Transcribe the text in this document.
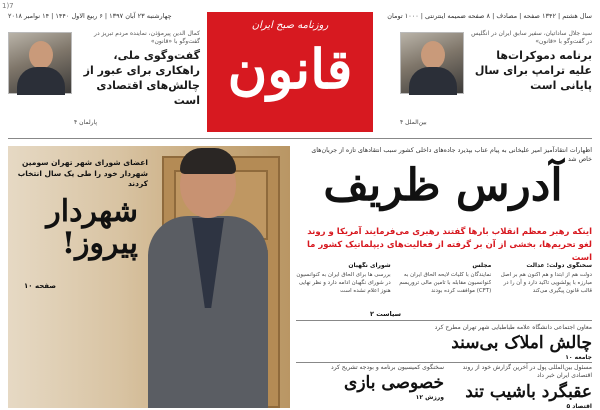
1)7
سال هشتم | ۱۳۴۲ صفحه | مصادف | ۸ صفحه ضمیمه اینترنتی | ۱۰۰۰ تومان
چهارشنبه ۲۳ آبان ۱۳۹۷ | ۶ ربیع الاول ۱۴۴۰ | ۱۴ نوامبر ۲۰۱۸
روزنامه صبح ایران
قانون
کمال الدین پیرمؤذن، نماینده مردم تبریز در گفت‌وگو با «قانون»
گفت‌وگوی ملی، راهکاری برای عبور از چالش‌های اقتصادی است
پارلمان ۴
سید جلال ساداتیان، سفیر سابق ایران در انگلیس در گفت‌وگو با «قانون»
برنامه دموکرات‌ها علیه ترامپ برای سال پایانی است
بین‌الملل ۴
اعضای شورای شهر تهران سومین شهردار خود را طی یک سال انتخاب کردند
شهردار پیروز!
صفحه ۱۰
اظهارات انتقادآمیز امیر علیخانی به پیام عتاب بپذیرد جاده‌ها‌ی داخلی کشور سبب انتقادهای تازه از جریان‌های خاص شد
آدرس ظریف
اینکه رهبر معظم انقلاب بارها گفتند رهبری می‌فرمایند آمریکا و روند لغو تحریم‌ها، بخشی از آن بر گرفته از فعالیت‌های دیپلماتیک کشور ما است
سخنگوی دولت: عدالت
دولت هم از ابتدا و هم اکنون هم بر اصل مبارزه با پولشویی تاکید دارد و آن را در قالب قانون پیگیری می‌کند
مجلس
نمایندگان با کلیات لایحه الحاق ایران به کنوانسیون مقابله با تامین مالی تروریسم (CFT) موافقت کرده بودند
شورای نگهبان
بررسی ها برای الحاق ایران به کنوانسیون در شورای نگهبان ادامه دارد و نظر نهایی هنوز اعلام نشده است
سیاست ۲
معاون اجتماعی دانشگاه علامه طباطبایی شهر تهران مطرح کرد
چالش املاک بی‌سند
جامعه ۱۰
سخنگوی کمیسیون برنامه و بودجه تشریح کرد
خصوصی بازی
ورزش ۱۲
مسئول بین‌المللی پول در آخرین گزارش خود از روند اقتصادی ایران خبر داد
عقبگرد باشیب تند
اقتصاد ۵
